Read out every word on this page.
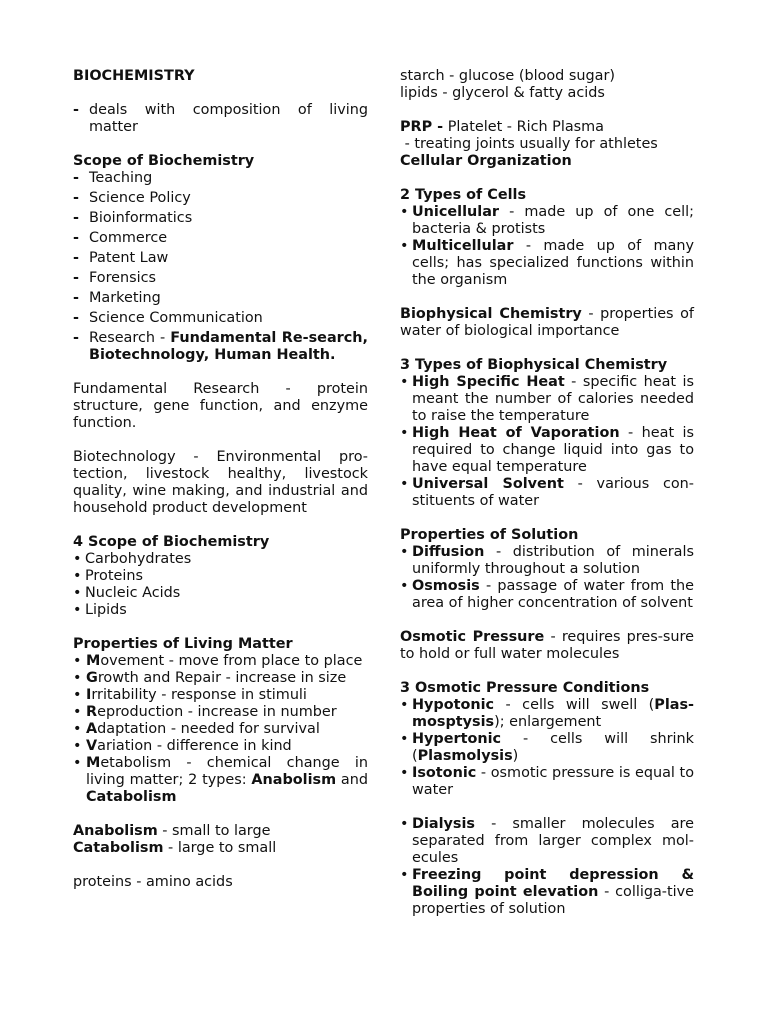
BIOCHEMISTRY
- deals with composition of living matter
Scope of Biochemistry
- Teaching
- Science Policy
- Bioinformatics
- Commerce
- Patent Law
- Forensics
- Marketing
- Science Communication
- Research - Fundamental Re-search, Biotechnology, Human Health.
Fundamental Research - protein structure, gene function, and enzyme function.
Biotechnology - Environmental pro-tection, livestock healthy, livestock quality, wine making, and industrial and household product development
4 Scope of Biochemistry
• Carbohydrates
• Proteins
• Nucleic Acids
• Lipids
Properties of Living Matter
• Movement - move from place to place
• Growth and Repair - increase in size
• Irritability - response in stimuli
• Reproduction - increase in number
• Adaptation - needed for survival
• Variation - difference in kind
• Metabolism - chemical change in living matter; 2 types: Anabolism and Catabolism
Anabolism - small to large
Catabolism - large to small
proteins - amino acids
starch - glucose (blood sugar)
lipids - glycerol & fatty acids
PRP - Platelet - Rich Plasma
- treating joints usually for athletes
Cellular Organization
2 Types of Cells
• Unicellular - made up of one cell; bacteria & protists
• Multicellular - made up of many cells; has specialized functions within the organism
Biophysical Chemistry - properties of water of biological importance
3 Types of Biophysical Chemistry
• High Specific Heat - specific heat is meant the number of calories needed to raise the temperature
• High Heat of Vaporation - heat is required to change liquid into gas to have equal temperature
• Universal Solvent - various con-stituents of water
Properties of Solution
• Diffusion - distribution of minerals uniformly throughout a solution
• Osmosis - passage of water from the area of higher concentration of solvent
Osmotic Pressure - requires pres-sure to hold or full water molecules
3 Osmotic Pressure Conditions
• Hypotonic - cells will swell (Plas-mosptysis); enlargement
• Hypertonic - cells will shrink (Plasmolysis)
• Isotonic - osmotic pressure is equal to water
• Dialysis - smaller molecules are separated from larger complex mol-ecules
• Freezing point depression & Boiling point elevation - colliga-tive properties of solution
